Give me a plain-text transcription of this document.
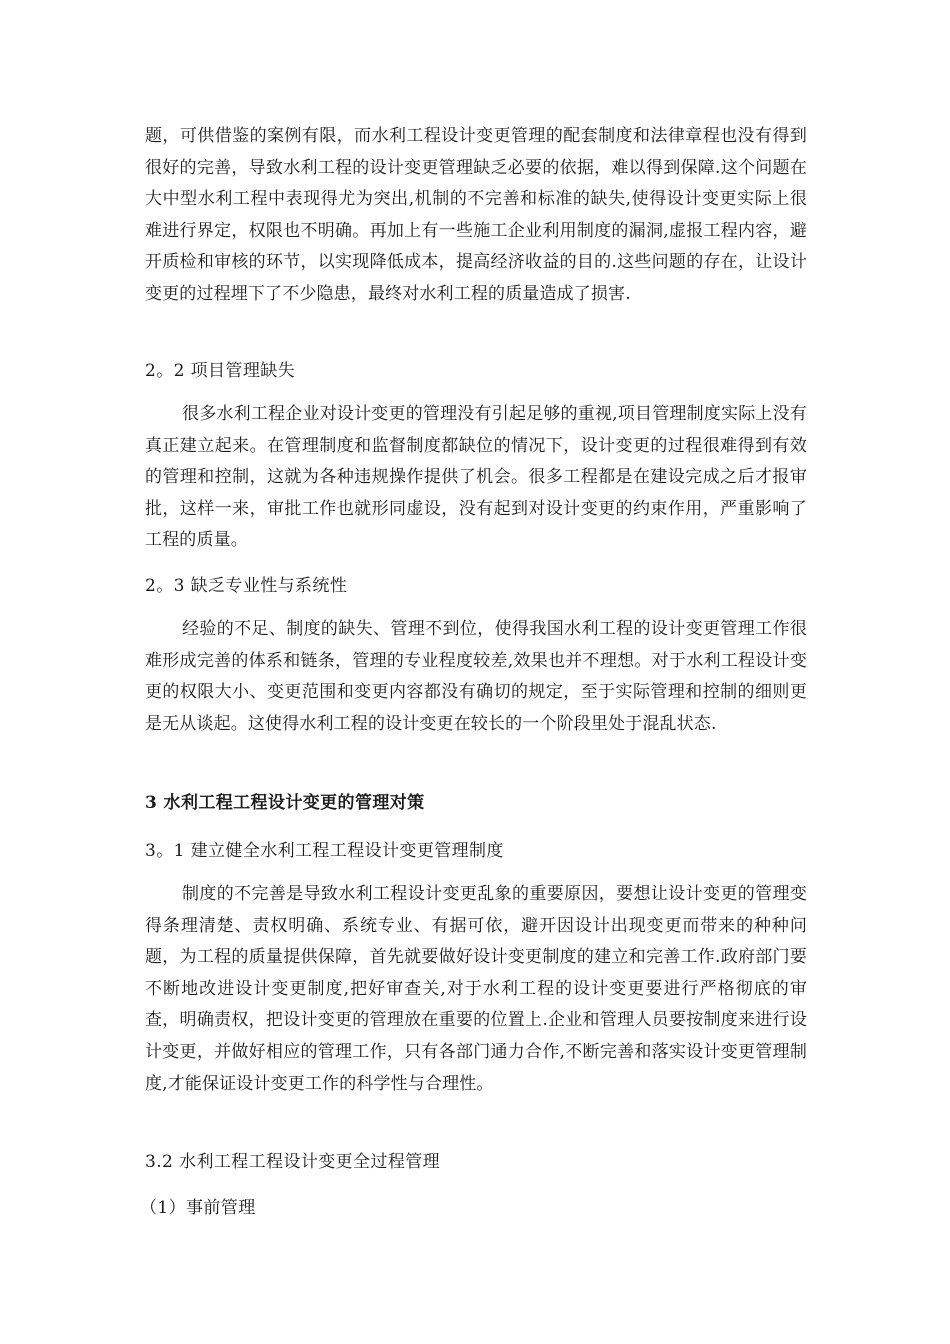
题，可供借鉴的案例有限，而水利工程设计变更管理的配套制度和法律章程也没有得到很好的完善，导致水利工程的设计变更管理缺乏必要的依据，难以得到保障.这个问题在大中型水利工程中表现得尤为突出,机制的不完善和标准的缺失,使得设计变更实际上很难进行界定，权限也不明确。再加上有一些施工企业利用制度的漏洞,虚报工程内容，避开质检和审核的环节，以实现降低成本，提高经济收益的目的.这些问题的存在，让设计变更的过程埋下了不少隐患，最终对水利工程的质量造成了损害.

2。2 项目管理缺失

很多水利工程企业对设计变更的管理没有引起足够的重视,项目管理制度实际上没有真正建立起来。在管理制度和监督制度都缺位的情况下，设计变更的过程很难得到有效的管理和控制，这就为各种违规操作提供了机会。很多工程都是在建设完成之后才报审批，这样一来，审批工作也就形同虚设，没有起到对设计变更的约束作用，严重影响了工程的质量。

2。3 缺乏专业性与系统性

经验的不足、制度的缺失、管理不到位，使得我国水利工程的设计变更管理工作很难形成完善的体系和链条，管理的专业程度较差,效果也并不理想。对于水利工程设计变更的权限大小、变更范围和变更内容都没有确切的规定，至于实际管理和控制的细则更是无从谈起。这使得水利工程的设计变更在较长的一个阶段里处于混乱状态.

3 水利工程工程设计变更的管理对策
3。1 建立健全水利工程工程设计变更管理制度

制度的不完善是导致水利工程设计变更乱象的重要原因，要想让设计变更的管理变得条理清楚、责权明确、系统专业、有据可依，避开因设计出现变更而带来的种种问题，为工程的质量提供保障，首先就要做好设计变更制度的建立和完善工作.政府部门要不断地改进设计变更制度,把好审查关,对于水利工程的设计变更要进行严格彻底的审查，明确责权，把设计变更的管理放在重要的位置上.企业和管理人员要按制度来进行设计变更，并做好相应的管理工作，只有各部门通力合作,不断完善和落实设计变更管理制度,才能保证设计变更工作的科学性与合理性。

3.2 水利工程工程设计变更全过程管理
（1）事前管理
